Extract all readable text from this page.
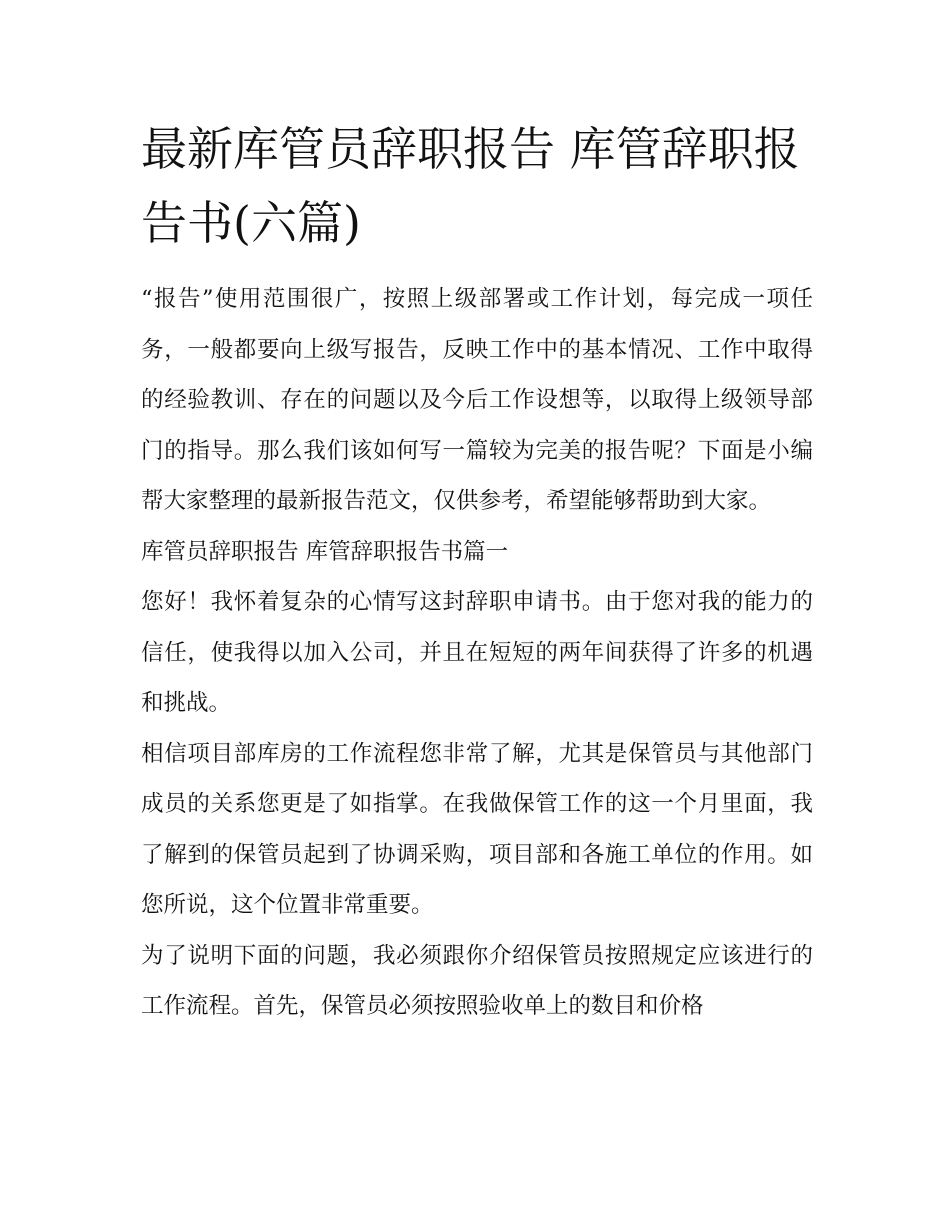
最新库管员辞职报告 库管辞职报告书(六篇)

“报告”使用范围很广，按照上级部署或工作计划，每完成一项任务，一般都要向上级写报告，反映工作中的基本情况、工作中取得的经验教训、存在的问题以及今后工作设想等，以取得上级领导部门的指导。那么我们该如何写一篇较为完美的报告呢？下面是小编帮大家整理的最新报告范文，仅供参考，希望能够帮助到大家。

库管员辞职报告 库管辞职报告书篇一

您好！我怀着复杂的心情写这封辞职申请书。由于您对我的能力的信任，使我得以加入公司，并且在短短的两年间获得了许多的机遇和挑战。

相信项目部库房的工作流程您非常了解，尤其是保管员与其他部门成员的关系您更是了如指掌。在我做保管工作的这一个月里面，我了解到的保管员起到了协调采购，项目部和各施工单位的作用。如您所说，这个位置非常重要。

为了说明下面的问题，我必须跟你介绍保管员按照规定应该进行的工作流程。首先，保管员必须按照验收单上的数目和价格
